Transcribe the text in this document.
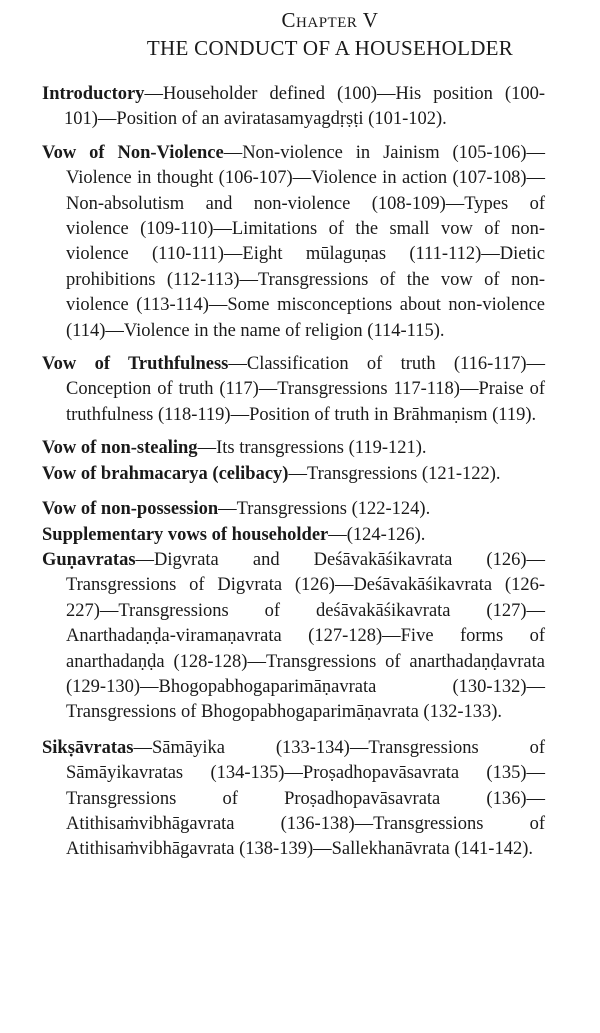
Chapter V
THE CONDUCT OF A HOUSEHOLDER

Introductory—Householder defined (100)—His position (100-101)—Position of an aviratasamyagdṛṣṭi (101-102).

Vow of Non-Violence—Non-violence in Jainism (105-106)—Violence in thought (106-107)—Violence in action (107-108)—Non-absolutism and non-violence (108-109)—Types of violence (109-110)—Limitations of the small vow of non-violence (110-111)—Eight mūlaguṇas (111-112)—Dietic prohibitions (112-113)—Transgressions of the vow of non-violence (113-114)—Some misconceptions about non-violence (114)—Violence in the name of religion (114-115).

Vow of Truthfulness—Classification of truth (116-117)—Conception of truth (117)—Transgressions 117-118)—Praise of truthfulness (118-119)—Position of truth in Brāhmaṇism (119).

Vow of non-stealing—Its transgressions (119-121).

Vow of brahmacarya (celibacy)—Transgressions (121-122).

Vow of non-possession—Transgressions (122-124).

Supplementary vows of householder—(124-126).

Guṇavratas—Digvrata and Deśāvakāśikavrata (126)—Transgressions of Digvrata (126)—Deśāvakāśikavrata (126-227)—Transgressions of deśāvakāśikavrata (127)—Anarthadaṇḍa-viramaṇavrata (127-128)—Five forms of anarthadaṇḍa (128-128)—Transgressions of anarthadaṇḍavrata (129-130)—Bhogopabhogaparimāṇavrata (130-132)—Transgressions of Bhogopabhogaparimāṇavrata (132-133).

Sikṣāvratas—Sāmāyika (133-134)—Transgressions of Sāmāyikavratas (134-135)—Proṣadhopavāsavrata (135)—Transgressions of Proṣadhopavāsavrata (136)—Atithisaṁvibhāgavrata (136-138)—Transgressions of Atithisaṁvibhāgavrata (138-139)—Sallekhanāvrata (141-142).
